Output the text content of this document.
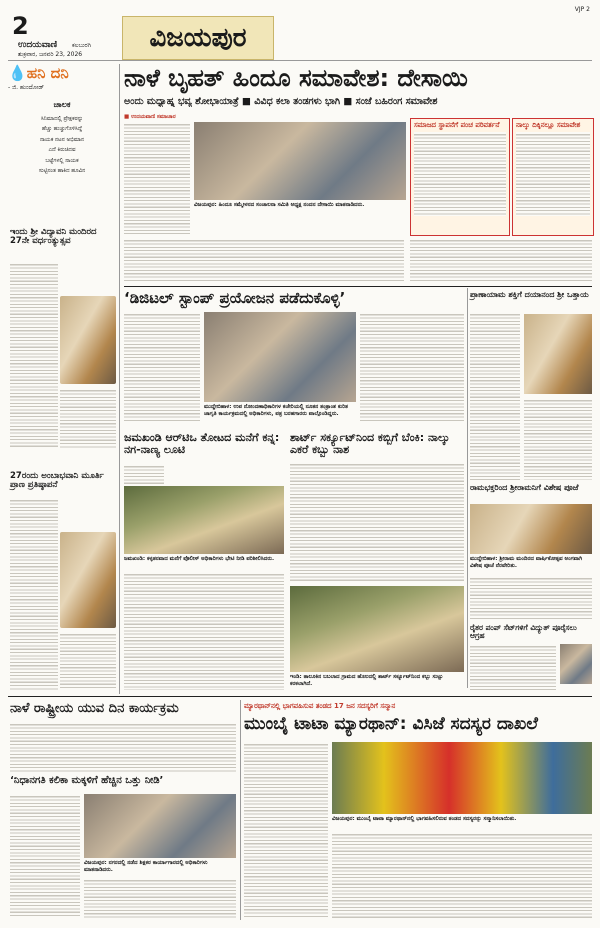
2
ಉದಯವಾಣಿ ಕಲಬುರಗಿ
ಶುಕ್ರವಾರ, ಜನವರಿ 23, 2026
VJP 2
ವಿಜಯಪುರ
💧ಹನಿ ದನಿ
- ಜಿ. ಹುಂದೋಡ್
ಚಾಲಕ
ಸಿನಿಮಾದಲ್ಲಿ ಪ್ರೇಕ್ಷಕರನ್ನು
ಹೆಚ್ಚು ಹುಚ್ಚುಗೊಳಿಸಿದ್ದೆ
ನಾಯಕ ನಟನ ಅಭಿಮಾನ
ಎದೆ ಕಿರುಚಿದವ
ಬಟ್ಟೆಗಳಲ್ಲಿ ನಾಯಕ
ಸುಟ್ಟಿನಂತ ಹಾಕಿದ ಹೂವಿನ
ಇಂದು ಶ್ರೀ ವಿದ್ಯಾವನಿ ಮಂದಿರದ 27ನೇ ವರ್ಧಂತ್ಯುತ್ಸವ
27ರಂದು ಅಂಬಾಭವಾನಿ ಮೂರ್ತಿ ಪ್ರಾಣ ಪ್ರತಿಷ್ಠಾಪನೆ
ನಾಳೆ ಬೃಹತ್ ಹಿಂದೂ ಸಮಾವೇಶ: ದೇಸಾಯಿ
ಅಂದು ಮಧ್ಯಾಹ್ನ ಭವ್ಯ ಶೋಭಾಯಾತ್ರೆ ■ ವಿವಿಧ ಕಲಾ ತಂಡಗಳು ಭಾಗಿ ■ ಸಂಜೆ ಬಹಿರಂಗ ಸಮಾವೇಶ
■ ಉದಯವಾಣಿ ಸಮಾಚಾರ
ವಿಜಯಪುರ: ಹಿಂದೂ ಸಮ್ಮೇಳನದ ಸಂಚಾಲನಾ ಸಮಿತಿ ಅಧ್ಯಕ್ಷ ನಂದನ ದೇಸಾಯಿ ಮಾತನಾಡಿದರು.
ಸಮಾಜದ ಸ್ಥಾಪನೆಗೆ ಪಂಚ ಪರಿವರ್ತನೆ	ನಾಲ್ಕು ದಿಕ್ಕಿನಲ್ಲೂ ಸಮಾವೇಶ
‘ಡಿಜಿಟಲ್ ಸ್ಟಾಂಪ್ ಪ್ರಯೋಜನ ಪಡೆದುಕೊಳ್ಳಿ’
ಮುದ್ದೇಬಿಹಾಳ: ಉಪ ನೋಂದಣಾಧಿಕಾರಿಗಳ ಕಚೇರಿಯಲ್ಲಿ ನೂತನ ತಂತ್ರಾಂಶ ಕುರಿತ ಜಾಗೃತಿ ಕಾರ್ಯಕ್ರಮದಲ್ಲಿ ಅಧಿಕಾರಿಗಳು, ಪತ್ರ ಬರಹಗಾರರು ಪಾಲ್ಗೊಂಡಿದ್ದರು.
ಪ್ರಾಣಾಯಾಮ ಶಕ್ತಿಗೆ ದಯಾನಂದ ಶ್ರೀ ಒತ್ತಾಯ
ಜಮಖಂಡಿ ಆರ್‌ಟಿಒ ತೋಟದ ಮನೆಗೆ ಕನ್ನ: ನಗ-ನಾಣ್ಯ ಲೂಟಿ
ಜಮಖಂಡಿ: ಕಳ್ಳತನವಾದ ಮನೆಗೆ ಪೊಲೀಸ್ ಅಧಿಕಾರಿಗಳು ಭೇಟಿ ನೀಡಿ ಪರಿಶೀಲಿಸಿದರು.
ಶಾರ್ಟ್ ಸರ್ಕ್ಯೂಟ್‌ನಿಂದ ಕಬ್ಬಿಗೆ ಬೆಂಕಿ: ನಾಲ್ಕು ಎಕರೆ ಕಬ್ಬು ನಾಶ
ಇಂಡಿ: ತಾಲೂಕಿನ ಬಬಲಾದ ಗ್ರಾಮದ ಹೊಲದಲ್ಲಿ ಶಾರ್ಟ್ ಸರ್ಕ್ಯೂಟ್‌ನಿಂದ ಕಬ್ಬು ಸುಟ್ಟು ಕರಕಲಾಗಿದೆ.
ರಾಮಭಕ್ತರಿಂದ ಶ್ರೀರಾಮನಿಗೆ ವಿಶೇಷ ಪೂಜೆ
ಮುದ್ದೇಬಿಹಾಳ: ಶ್ರೀರಾಮ ಮಂದಿರದ ವಾರ್ಷಿಕೋತ್ಸವ ಅಂಗವಾಗಿ ವಿಶೇಷ ಪೂಜೆ ನೆರವೇರಿತು.
ರೈತರ ಪಂಪ್ ಸೆಟ್‌ಗಳಿಗೆ ವಿದ್ಯುತ್ ಪೂರೈಸಲು ಆಗ್ರಹ
ನಾಳೆ ರಾಷ್ಟ್ರೀಯ ಯುವ ದಿನ ಕಾರ್ಯಕ್ರಮ
‘ನಿಧಾನಗತಿ ಕಲಿಕಾ ಮಕ್ಕಳಿಗೆ ಹೆಚ್ಚಿನ ಒತ್ತು ನೀಡಿ’
ವಿಜಯಪುರ: ನಗರದಲ್ಲಿ ನಡೆದ ಶಿಕ್ಷಕರ ಕಾರ್ಯಾಗಾರದಲ್ಲಿ ಅಧಿಕಾರಿಗಳು ಮಾತನಾಡಿದರು.
ಮ್ಯಾರಥಾನ್‌ನಲ್ಲಿ ಭಾಗವಹಿಸುವ ತಂಡದ 17 ಜನ ಸದಸ್ಯರಿಗೆ ಸನ್ಮಾನ
ಮುಂಬೈ ಟಾಟಾ ಮ್ಯಾರಥಾನ್: ವಿಸಿಜೆ ಸದಸ್ಯರ ದಾಖಲೆ
ವಿಜಯಪುರ: ಮುಂಬೈ ಟಾಟಾ ಮ್ಯಾರಥಾನ್‌ನಲ್ಲಿ ಭಾಗವಹಿಸಲಿರುವ ತಂಡದ ಸದಸ್ಯರನ್ನು ಸನ್ಮಾನಿಸಲಾಯಿತು.
